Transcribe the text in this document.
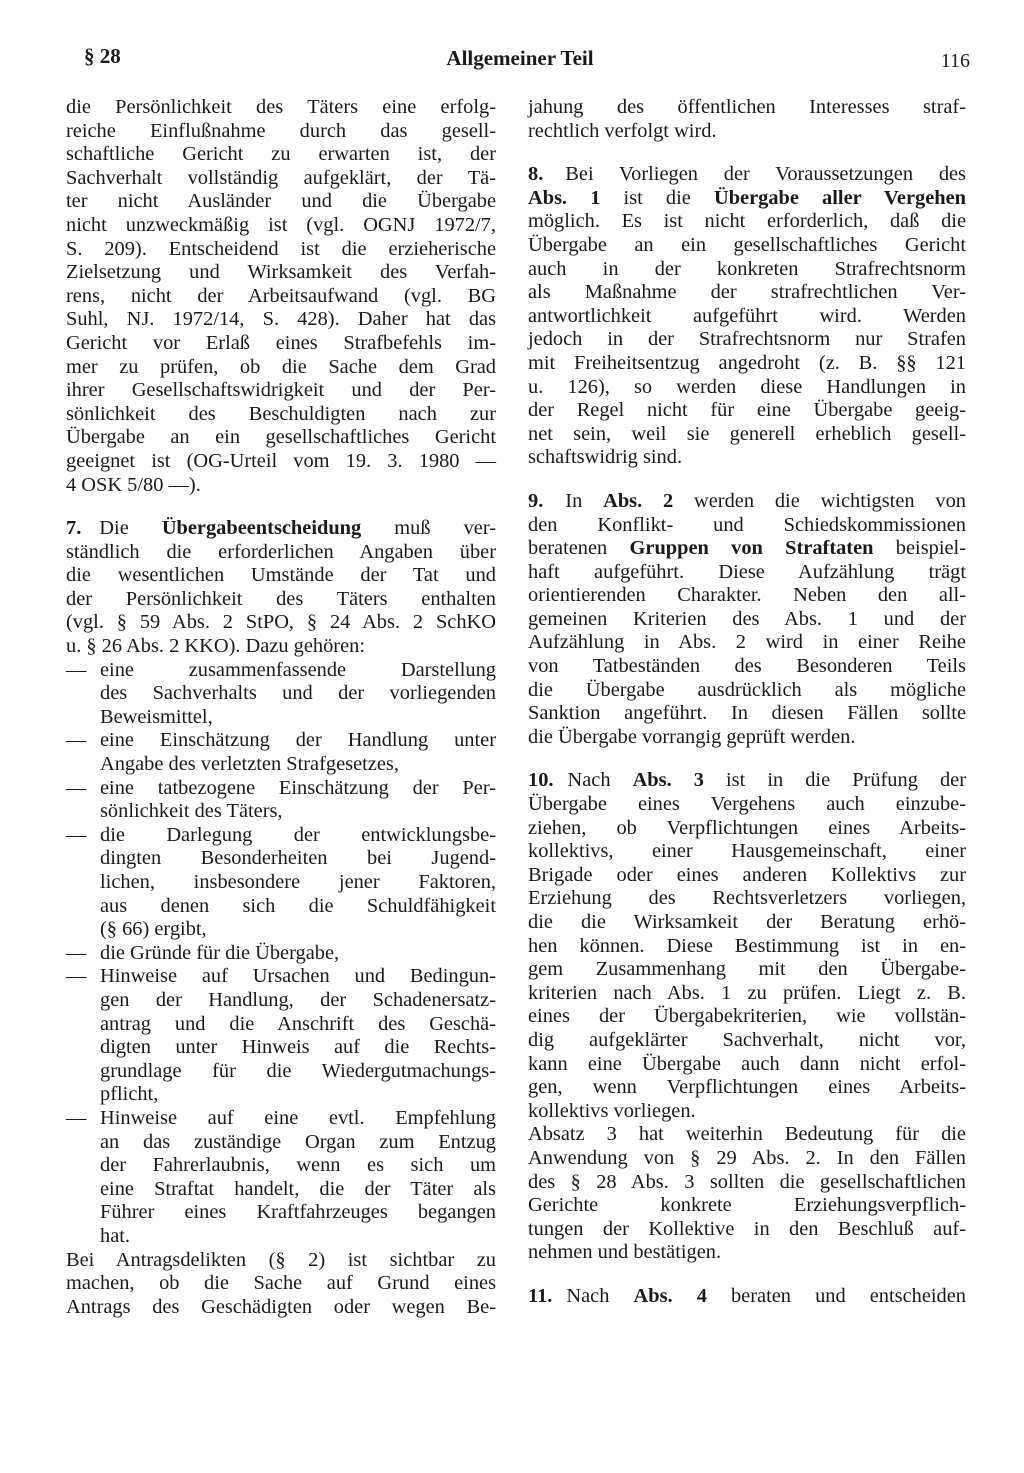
§ 28	Allgemeiner Teil	116
die Persönlichkeit des Täters eine erfolg-
reiche Einflußnahme durch das gesell-
schaftliche Gericht zu erwarten ist, der
Sachverhalt vollständig aufgeklärt, der Tä-
ter nicht Ausländer und die Übergabe
nicht unzweckmäßig ist (vgl. OGNJ 1972/7,
S. 209). Entscheidend ist die erzieherische
Zielsetzung und Wirksamkeit des Verfah-
rens, nicht der Arbeitsaufwand (vgl. BG
Suhl, NJ. 1972/14, S. 428). Daher hat das
Gericht vor Erlaß eines Strafbefehls im-
mer zu prüfen, ob die Sache dem Grad
ihrer Gesellschaftswidrigkeit und der Per-
sönlichkeit des Beschuldigten nach zur
Übergabe an ein gesellschaftliches Gericht
geeignet ist (OG-Urteil vom 19. 3. 1980 —
4 OSK 5/80 —).
7. Die Übergabeentscheidung muß ver-
ständlich die erforderlichen Angaben über
die wesentlichen Umstände der Tat und
der Persönlichkeit des Täters enthalten
(vgl. § 59 Abs. 2 StPO, § 24 Abs. 2 SchKO
u. § 26 Abs. 2 KKO). Dazu gehören:
— eine zusammenfassende Darstellung
des Sachverhalts und der vorliegenden
Beweismittel,
— eine Einschätzung der Handlung unter
Angabe des verletzten Strafgesetzes,
— eine tatbezogene Einschätzung der Per-
sönlichkeit des Täters,
— die Darlegung der entwicklungsbe-
dingten Besonderheiten bei Jugend-
lichen, insbesondere jener Faktoren,
aus denen sich die Schuldfähigkeit
(§ 66) ergibt,
— die Gründe für die Übergabe,
— Hinweise auf Ursachen und Bedingun-
gen der Handlung, der Schadenersatz-
antrag und die Anschrift des Geschä-
digten unter Hinweis auf die Rechts-
grundlage für die Wiedergutmachungs-
pflicht,
— Hinweise auf eine evtl. Empfehlung
an das zuständige Organ zum Entzug
der Fahrerlaubnis, wenn es sich um
eine Straftat handelt, die der Täter als
Führer eines Kraftfahrzeuges begangen
hat.
Bei Antragsdelikten (§ 2) ist sichtbar zu
machen, ob die Sache auf Grund eines
Antrags des Geschädigten oder wegen Be-
jahung des öffentlichen Interesses straf-
rechtlich verfolgt wird.
8. Bei Vorliegen der Voraussetzungen des
Abs. 1 ist die Übergabe aller Vergehen
möglich. Es ist nicht erforderlich, daß die
Übergabe an ein gesellschaftliches Gericht
auch in der konkreten Strafrechtsnorm
als Maßnahme der strafrechtlichen Ver-
antwortlichkeit aufgeführt wird. Werden
jedoch in der Strafrechtsnorm nur Strafen
mit Freiheitsentzug angedroht (z. B. §§ 121
u. 126), so werden diese Handlungen in
der Regel nicht für eine Übergabe geeig-
net sein, weil sie generell erheblich gesell-
schaftswidrig sind.
9. In Abs. 2 werden die wichtigsten von
den Konflikt- und Schiedskommissionen
beratenen Gruppen von Straftaten beispiel-
haft aufgeführt. Diese Aufzählung trägt
orientierenden Charakter. Neben den all-
gemeinen Kriterien des Abs. 1 und der
Aufzählung in Abs. 2 wird in einer Reihe
von Tatbeständen des Besonderen Teils
die Übergabe ausdrücklich als mögliche
Sanktion angeführt. In diesen Fällen sollte
die Übergabe vorrangig geprüft werden.
10. Nach Abs. 3 ist in die Prüfung der
Übergabe eines Vergehens auch einzube-
ziehen, ob Verpflichtungen eines Arbeits-
kollektivs, einer Hausgemeinschaft, einer
Brigade oder eines anderen Kollektivs zur
Erziehung des Rechtsverletzers vorliegen,
die die Wirksamkeit der Beratung erhö-
hen können. Diese Bestimmung ist in en-
gem Zusammenhang mit den Übergabe-
kriterien nach Abs. 1 zu prüfen. Liegt z. B.
eines der Übergabekriterien, wie vollstän-
dig aufgeklärter Sachverhalt, nicht vor,
kann eine Übergabe auch dann nicht erfol-
gen, wenn Verpflichtungen eines Arbeits-
kollektivs vorliegen.
Absatz 3 hat weiterhin Bedeutung für die
Anwendung von § 29 Abs. 2. In den Fällen
des § 28 Abs. 3 sollten die gesellschaftlichen
Gerichte konkrete Erziehungsverpflich-
tungen der Kollektive in den Beschluß auf-
nehmen und bestätigen.
11. Nach Abs. 4 beraten und entscheiden
